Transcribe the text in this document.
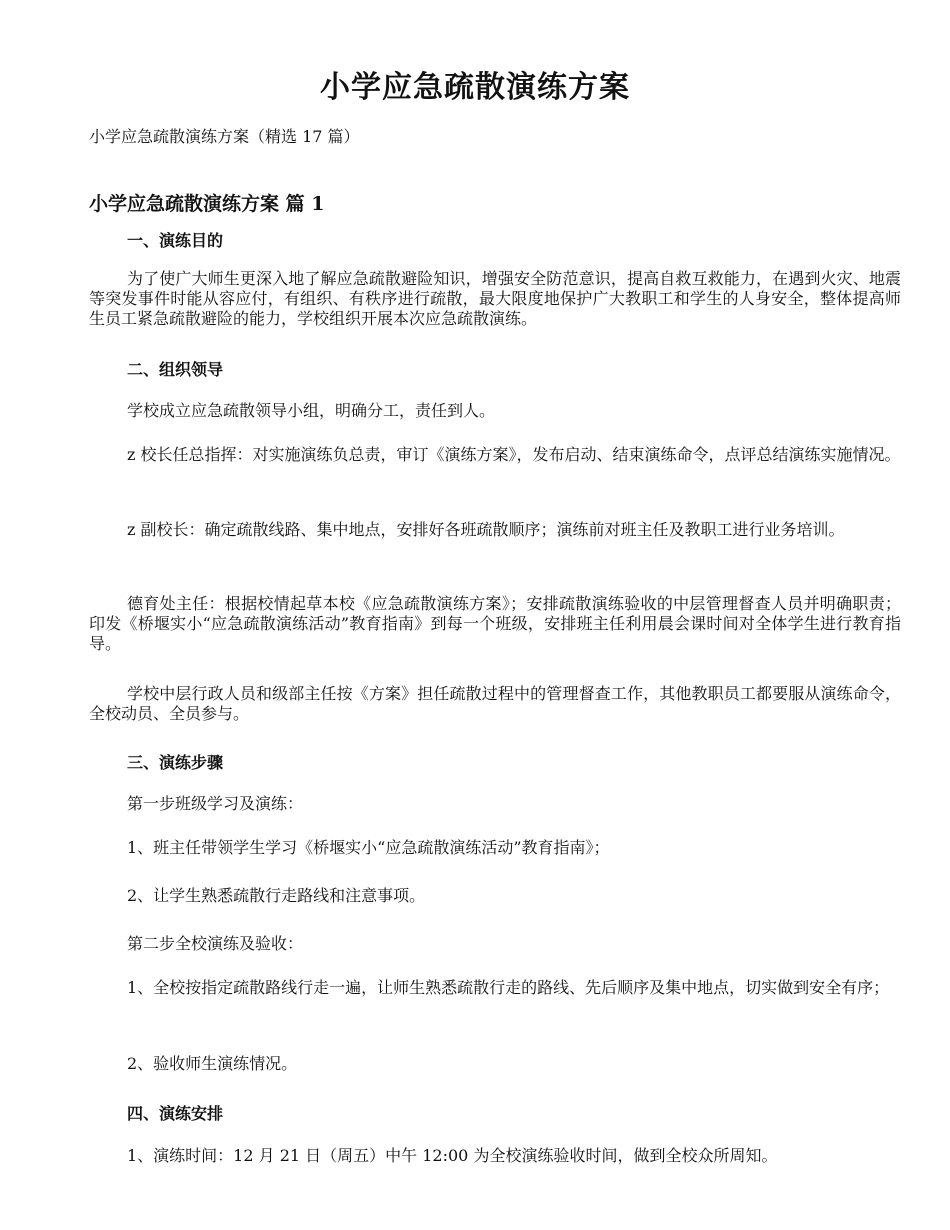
小学应急疏散演练方案
小学应急疏散演练方案（精选 17 篇）
小学应急疏散演练方案 篇 1
一、演练目的
为了使广大师生更深入地了解应急疏散避险知识，增强安全防范意识，提高自救互救能力，在遇到火灾、地震等突发事件时能从容应付，有组织、有秩序进行疏散，最大限度地保护广大教职工和学生的人身安全，整体提高师生员工紧急疏散避险的能力，学校组织开展本次应急疏散演练。
二、组织领导
学校成立应急疏散领导小组，明确分工，责任到人。
z 校长任总指挥：对实施演练负总责，审订《演练方案》，发布启动、结束演练命令，点评总结演练实施情况。
z 副校长：确定疏散线路、集中地点，安排好各班疏散顺序；演练前对班主任及教职工进行业务培训。
德育处主任：根据校情起草本校《应急疏散演练方案》；安排疏散演练验收的中层管理督查人员并明确职责；印发《桥堰实小“应急疏散演练活动”教育指南》到每一个班级，安排班主任利用晨会课时间对全体学生进行教育指导。
学校中层行政人员和级部主任按《方案》担任疏散过程中的管理督查工作，其他教职员工都要服从演练命令，全校动员、全员参与。
三、演练步骤
第一步班级学习及演练：
1、班主任带领学生学习《桥堰实小“应急疏散演练活动”教育指南》；
2、让学生熟悉疏散行走路线和注意事项。
第二步全校演练及验收：
1、全校按指定疏散路线行走一遍，让师生熟悉疏散行走的路线、先后顺序及集中地点，切实做到安全有序；
2、验收师生演练情况。
四、演练安排
1、演练时间：12 月 21 日（周五）中午 12:00 为全校演练验收时间，做到全校众所周知。
